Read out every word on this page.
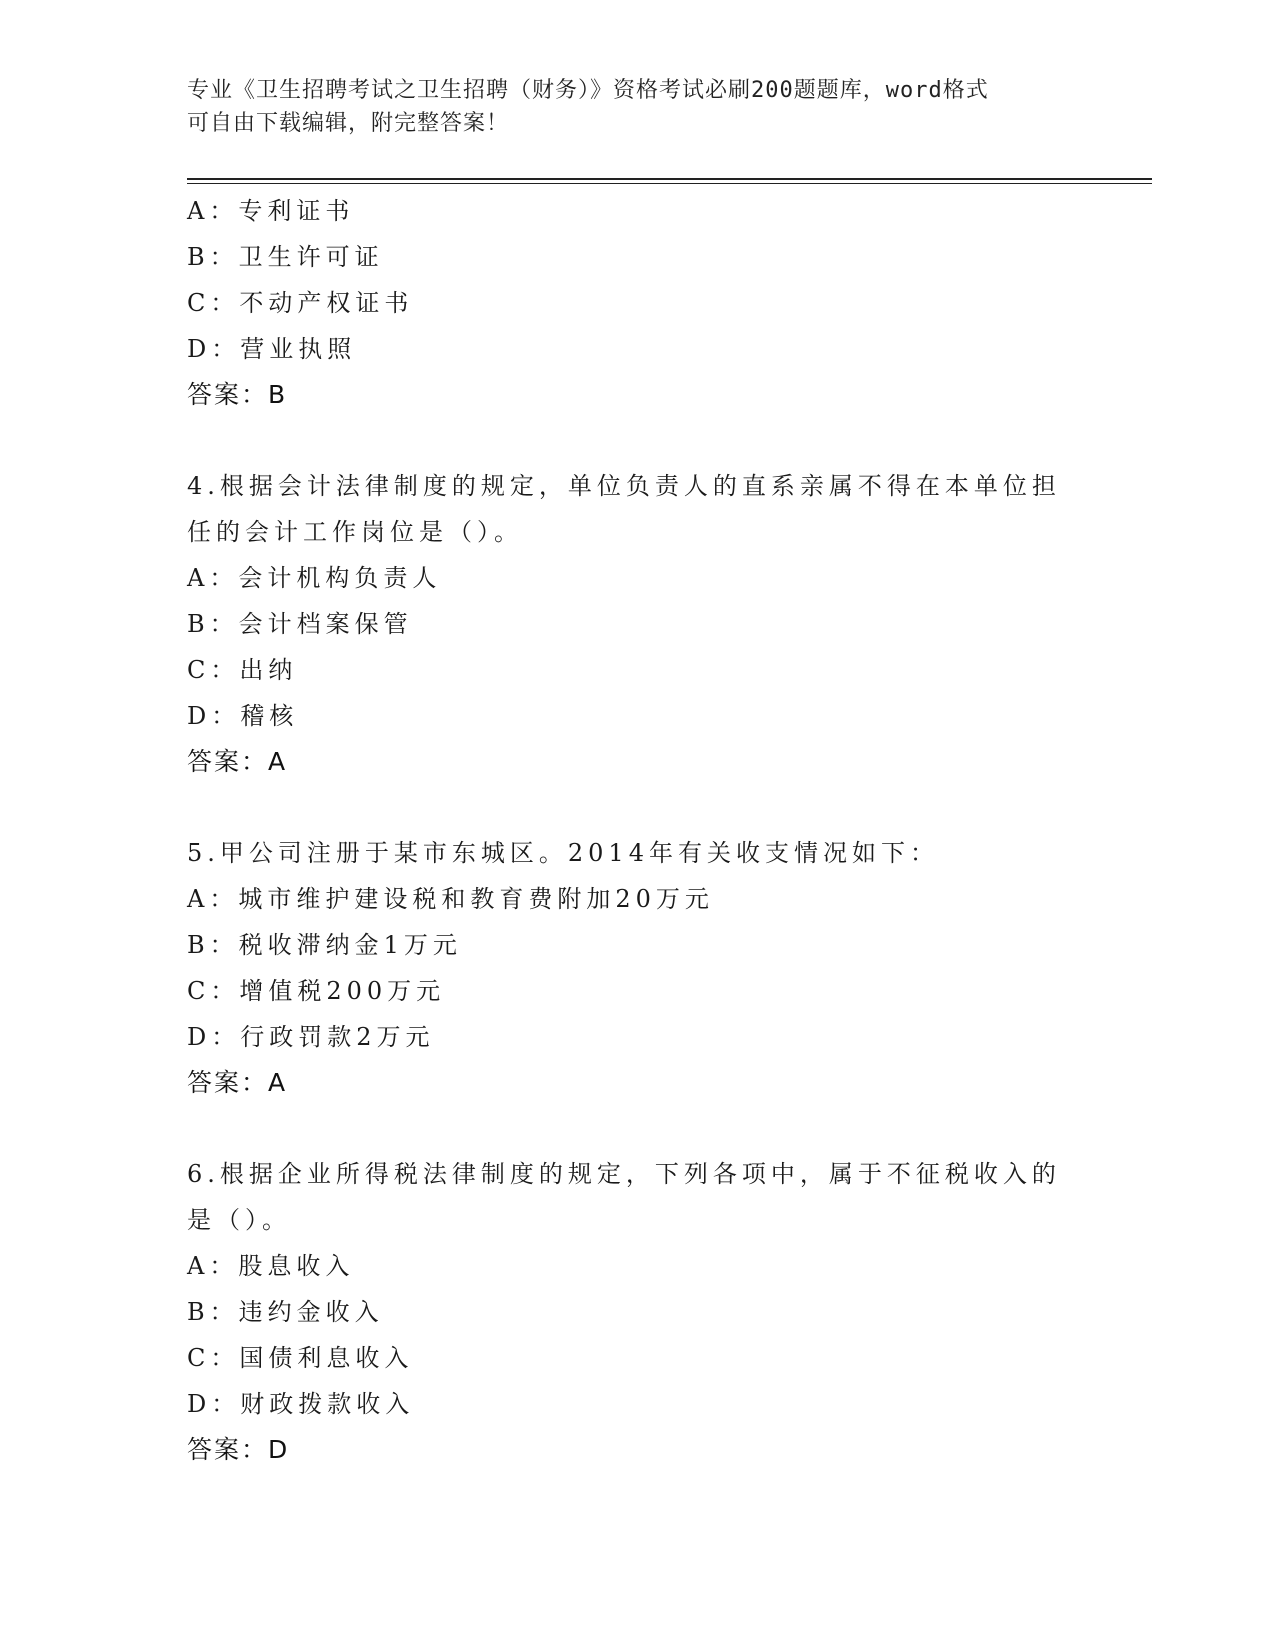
专业《卫生招聘考试之卫生招聘（财务）》资格考试必刷200题题库，word格式
可自由下载编辑，附完整答案！
A：专利证书
B：卫生许可证
C：不动产权证书
D：营业执照
答案：B
4.根据会计法律制度的规定，单位负责人的直系亲属不得在本单位担
任的会计工作岗位是（）。
A：会计机构负责人
B：会计档案保管
C：出纳
D：稽核
答案：A
5.甲公司注册于某市东城区。2014年有关收支情况如下：
A：城市维护建设税和教育费附加20万元
B：税收滞纳金1万元
C：增值税200万元
D：行政罚款2万元
答案：A
6.根据企业所得税法律制度的规定，下列各项中，属于不征税收入的
是（）。
A：股息收入
B：违约金收入
C：国债利息收入
D：财政拨款收入
答案：D
